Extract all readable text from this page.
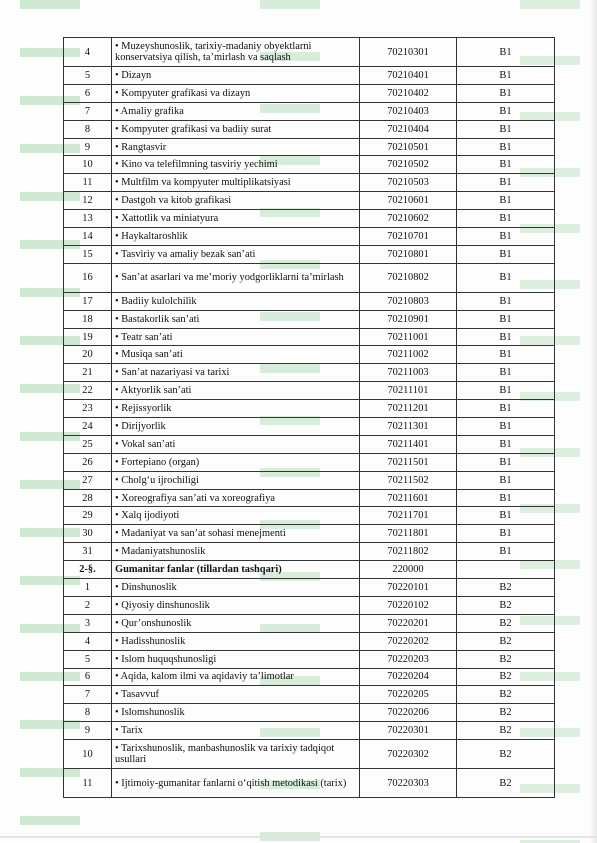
4	• Muzeyshunoslik, tarixiy-madaniy obyektlarni konservatsiya qilish, ta’mirlash va saqlash	70210301	B1
5	• Dizayn	70210401	B1
6	• Kompyuter grafikasi va dizayn	70210402	B1
7	• Amaliy grafika	70210403	B1
8	• Kompyuter grafikasi va badiiy surat	70210404	B1
9	• Rangtasvir	70210501	B1
10	• Kino va telefilmning tasviriy yechimi	70210502	B1
11	• Multfilm va kompyuter multiplikatsiyasi	70210503	B1
12	• Dastgoh va kitob grafikasi	70210601	B1
13	• Xattotlik va miniatyura	70210602	B1
14	• Haykaltaroshlik	70210701	B1
15	• Tasviriy va amaliy bezak san’ati	70210801	B1
16	• San’at asarlari va me’moriy yodgorliklarni ta’mirlash	70210802	B1
17	• Badiiy kulolchilik	70210803	B1
18	• Bastakorlik san’ati	70210901	B1
19	• Teatr san’ati	70211001	B1
20	• Musiqa san’ati	70211002	B1
21	• San’at nazariyasi va tarixi	70211003	B1
22	• Aktyorlik san’ati	70211101	B1
23	• Rejissyorlik	70211201	B1
24	• Dirijyorlik	70211301	B1
25	• Vokal san’ati	70211401	B1
26	• Fortepiano (organ)	70211501	B1
27	• Cholg‘u ijrochiligi	70211502	B1
28	• Xoreografiya san’ati va xoreografiya	70211601	B1
29	• Xalq ijodiyoti	70211701	B1
30	• Madaniyat va san’at sohasi menejmenti	70211801	B1
31	• Madaniyatshunoslik	70211802	B1
2-§.	Gumanitar fanlar (tillardan tashqari)	220000	
1	• Dinshunoslik	70220101	B2
2	• Qiyosiy dinshunoslik	70220102	B2
3	• Qur’onshunoslik	70220201	B2
4	• Hadisshunoslik	70220202	B2
5	• Islom huquqshunosligi	70220203	B2
6	• Aqida, kalom ilmi va aqidaviy ta’limotlar	70220204	B2
7	• Tasavvuf	70220205	B2
8	• Islomshunoslik	70220206	B2
9	• Tarix	70220301	B2
10	• Tarixshunoslik, manbashunoslik va tarixiy tadqiqot usullari	70220302	B2
11	• Ijtimoiy-gumanitar fanlarni o‘qitish metodikasi (tarix)	70220303	B2
